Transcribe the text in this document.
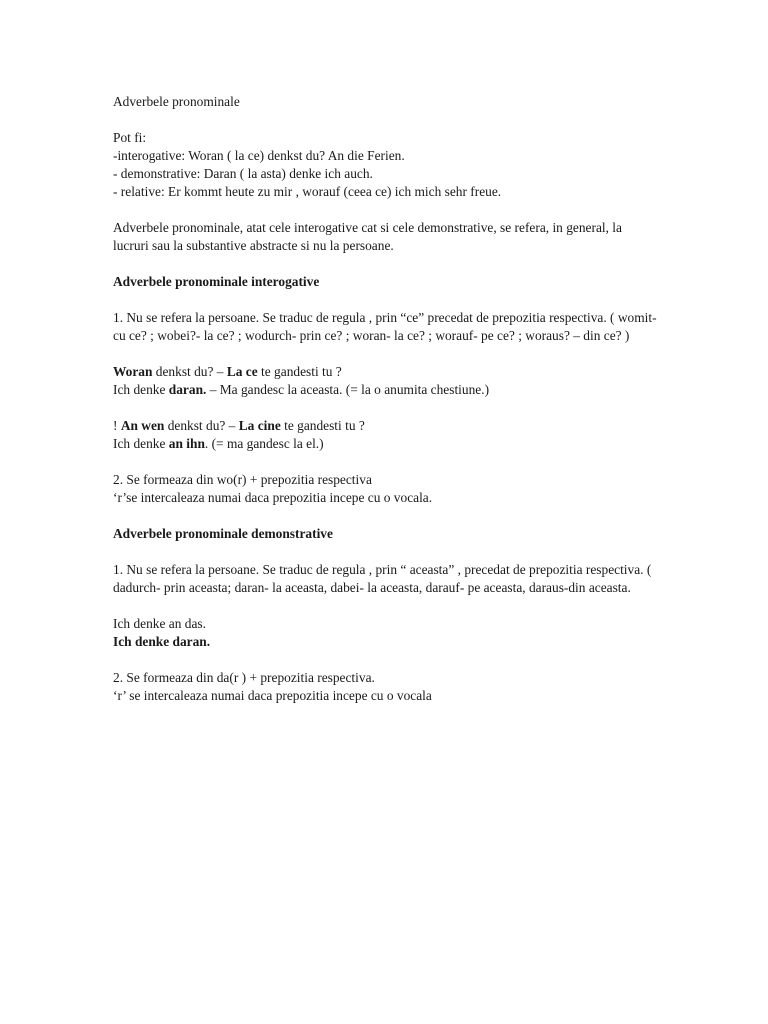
Adverbele pronominale

Pot fi:

-interogative: Woran ( la ce) denkst du? An die Ferien.

- demonstrative: Daran ( la asta) denke ich auch.

- relative: Er kommt heute zu mir , worauf (ceea ce) ich mich sehr freue.

Adverbele pronominale, atat cele interogative cat si cele demonstrative, se refera, in general, la lucruri sau la substantive abstracte si nu la persoane.

Adverbele pronominale interogative

1. Nu se refera la persoane. Se traduc de regula , prin “ce” precedat de prepozitia respectiva. ( womit- cu ce? ; wobei?- la ce? ; wodurch- prin ce? ; woran- la ce? ; worauf- pe ce? ; woraus? – din ce? )

Woran denkst du? – La ce te gandesti tu ?

Ich denke daran. – Ma gandesc la aceasta. (= la o anumita chestiune.)

! An wen denkst du? – La cine te gandesti tu ?

Ich denke an ihn. (= ma gandesc la el.)

2. Se formeaza din wo(r) + prepozitia respectiva

‘r’se intercaleaza numai daca prepozitia incepe cu o vocala.

Adverbele pronominale demonstrative

1. Nu se refera la persoane. Se traduc de regula , prin “ aceasta” , precedat de prepozitia respectiva. ( dadurch- prin aceasta; daran- la aceasta, dabei- la aceasta, darauf- pe aceasta, daraus-din aceasta.

Ich denke an das.

Ich denke daran.

2. Se formeaza din da(r ) + prepozitia respectiva.

‘r’ se intercaleaza numai daca prepozitia incepe cu o vocala
